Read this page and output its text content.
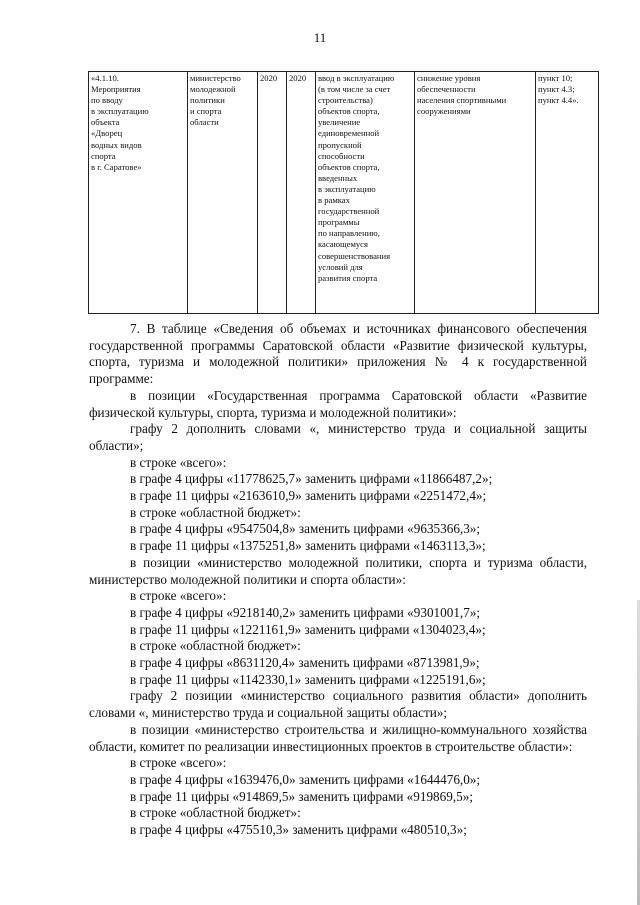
11
«4.1.10.
Мероприятия
по вводу
в эксплуатацию
объекта
«Дворец
водных видов
спорта
в г. Саратове»	министерство
молодежной
политики
и спорта
области	2020	2020	ввод в эксплуатацию
(в том числе за счет
строительства)
объектов спорта,
увеличение
единовременной
пропускной
способности
объектов спорта,
введенных
в эксплуатацию
в рамках
государственной
программы
по направлению,
касающемуся
совершенствования
условий для
развития спорта	снижение уровня
обеспеченности
населения спортивными
сооружениями	пункт 10;
пункт 4.3;
пункт 4.4».

7. В таблице «Сведения об объемах и источниках финансового обеспечения государственной программы Саратовской области «Развитие физической культуры, спорта, туризма и молодежной политики» приложения № 4 к государственной программе:

в позиции «Государственная программа Саратовской области «Развитие физической культуры, спорта, туризма и молодежной политики»:

графу 2 дополнить словами «, министерство труда и социальной защиты области»;

в строке «всего»:

в графе 4 цифры «11778625,7» заменить цифрами «11866487,2»;

в графе 11 цифры «2163610,9» заменить цифрами «2251472,4»;

в строке «областной бюджет»:

в графе 4 цифры «9547504,8» заменить цифрами «9635366,3»;

в графе 11 цифры «1375251,8» заменить цифрами «1463113,3»;

в позиции «министерство молодежной политики, спорта и туризма области, министерство молодежной политики и спорта области»:

в строке «всего»:

в графе 4 цифры «9218140,2» заменить цифрами «9301001,7»;

в графе 11 цифры «1221161,9» заменить цифрами «1304023,4»;

в строке «областной бюджет»:

в графе 4 цифры «8631120,4» заменить цифрами «8713981,9»;

в графе 11 цифры «1142330,1» заменить цифрами «1225191,6»;

графу 2 позиции «министерство социального развития области» дополнить словами «, министерство труда и социальной защиты области»;

в позиции «министерство строительства и жилищно-коммунального хозяйства области, комитет по реализации инвестиционных проектов в строительстве области»:

в строке «всего»:

в графе 4 цифры «1639476,0» заменить цифрами «1644476,0»;

в графе 11 цифры «914869,5» заменить цифрами «919869,5»;

в строке «областной бюджет»:

в графе 4 цифры «475510,3» заменить цифрами «480510,3»;
